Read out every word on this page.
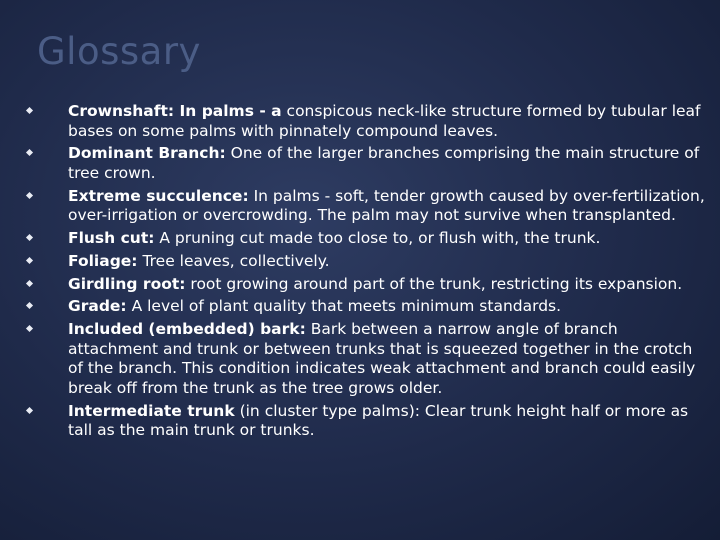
Glossary
Crownshaft: In palms - a conspicous neck-like structure formed by tubular leaf bases on some palms with pinnately compound leaves.
Dominant Branch: One of the larger branches comprising the main structure of tree crown.
Extreme succulence: In palms - soft, tender growth caused by over-fertilization, over-irrigation or overcrowding. The palm may not survive when transplanted.
Flush cut: A pruning cut made too close to, or flush with, the trunk.
Foliage: Tree leaves, collectively.
Girdling root: root growing around part of the trunk, restricting its expansion.
Grade: A level of plant quality that meets minimum standards.
Included (embedded) bark: Bark between a narrow angle of branch attachment and trunk or between trunks that is squeezed together in the crotch of the branch. This condition indicates weak attachment and branch could easily break off from the trunk as the tree grows older.
Intermediate trunk (in cluster type palms): Clear trunk height half or more as tall as the main trunk or trunks.
